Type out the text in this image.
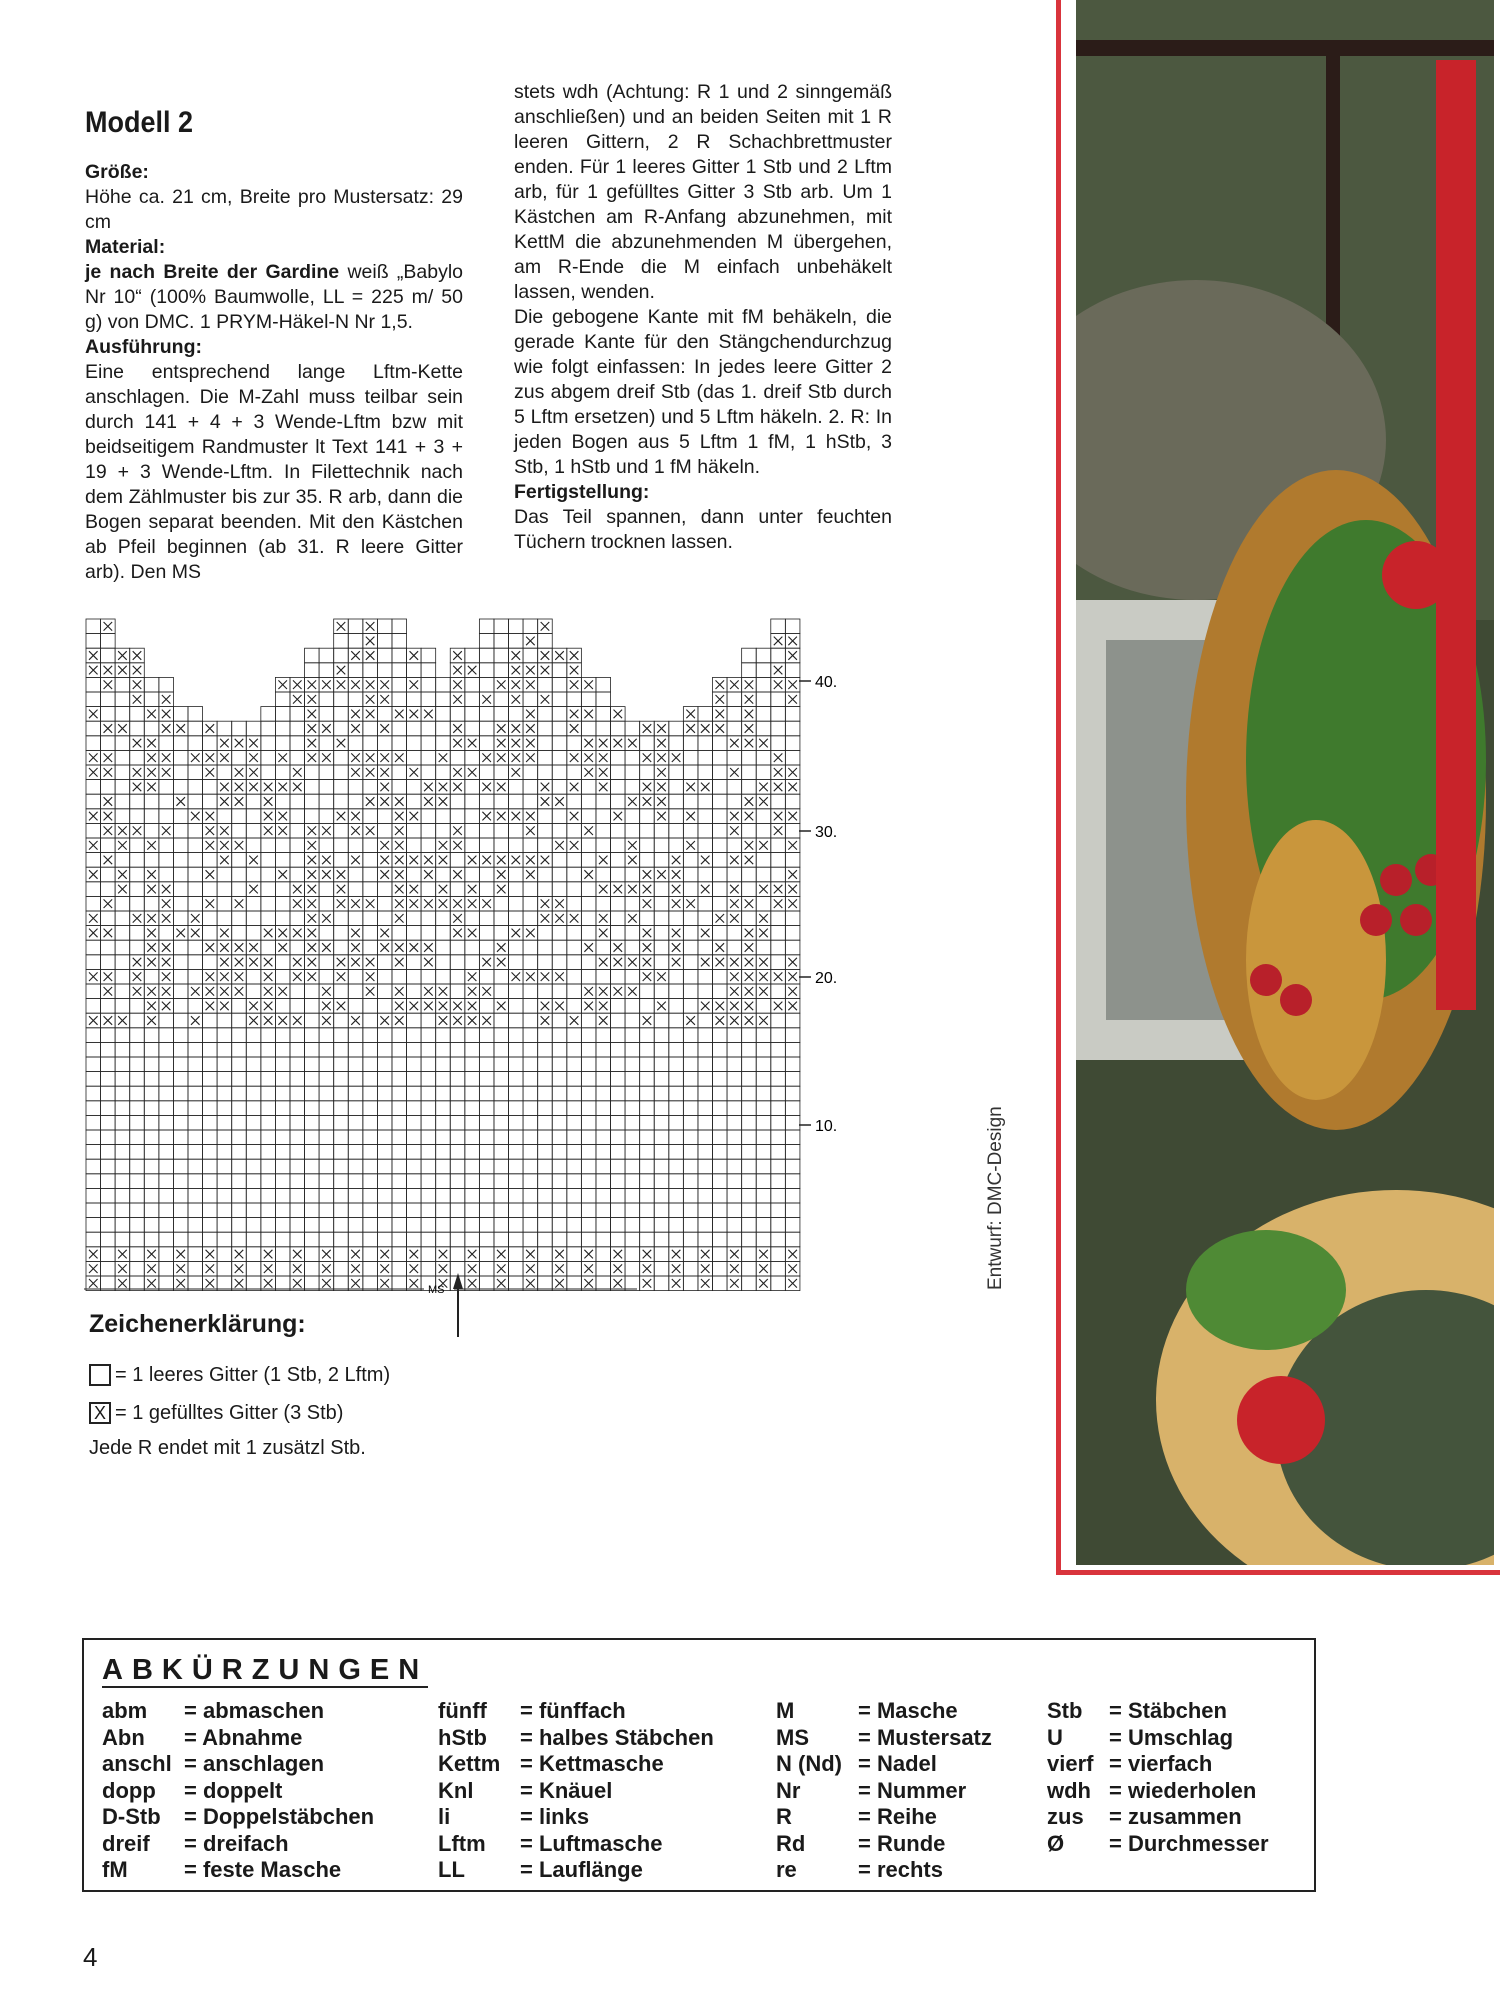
Modell 2

Größe:

Höhe ca. 21 cm, Breite pro Mustersatz: 29 cm

Material:

je nach Breite der Gardine weiß „Babylo Nr 10“ (100% Baumwolle, LL = 225 m/ 50 g) von DMC. 1 PRYM-Häkel-N Nr 1,5.

Ausführung:

Eine entsprechend lange Lftm-Kette anschlagen. Die M-Zahl muss teilbar sein durch 141 + 4 + 3 Wende-Lftm bzw mit beidseitigem Randmuster lt Text 141 + 3 + 19 + 3 Wende-Lftm. In Filettechnik nach dem Zählmuster bis zur 35. R arb, dann die Bogen separat beenden. Mit den Kästchen ab Pfeil beginnen (ab 31. R leere Gitter arb). Den MS

stets wdh (Achtung: R 1 und 2 sinngemäß anschließen) und an beiden Seiten mit 1 R leeren Gittern, 2 R Schachbrettmuster enden. Für 1 leeres Gitter 1 Stb und 2 Lftm arb, für 1 gefülltes Gitter 3 Stb arb. Um 1 Kästchen am R-Anfang abzunehmen, mit KettM die abzunehmenden M übergehen, am R-Ende die M einfach unbehäkelt lassen, wenden.

Die gebogene Kante mit fM behäkeln, die gerade Kante für den Stängchendurchzug wie folgt einfassen: In jedes leere Gitter 2 zus abgem dreif Stb (das 1. dreif Stb durch 5 Lftm ersetzen) und 5 Lftm häkeln. 2. R: In jeden Bogen aus 5 Lftm 1 fM, 1 hStb, 3 Stb, 1 hStb und 1 fM häkeln.

Fertigstellung:

Das Teil spannen, dann unter feuchten Tüchern trocknen lassen.

40.
30.
20.
10.
MS
Zeichenerklärung:
= 1 leeres Gitter (1 Stb, 2 Lftm)
X = 1 gefülltes Gitter (3 Stb)
Jede R endet mit 1 zusätzl Stb.
Entwurf: DMC-Design
ABKÜRZUNGEN
abm = abmaschen
Abn = Abnahme
anschl = anschlagen
dopp = doppelt
D-Stb = Doppelstäbchen
dreif = dreifach
fM	= feste Masche
fünff = fünffach
hStb = halbes Stäbchen
Kettm = Kettmasche
Knl = Knäuel
li	= links
Lftm = Luftmasche
LL	= Lauflänge
M	= Masche
MS = Mustersatz
N (Nd) = Nadel
Nr	= Nummer
R	= Reihe
Rd = Runde
re	= rechts
Stb = Stäbchen
U = Umschlag
vierf = vierfach
wdh = wiederholen
zus = zusammen
Ø = Durchmesser
4
